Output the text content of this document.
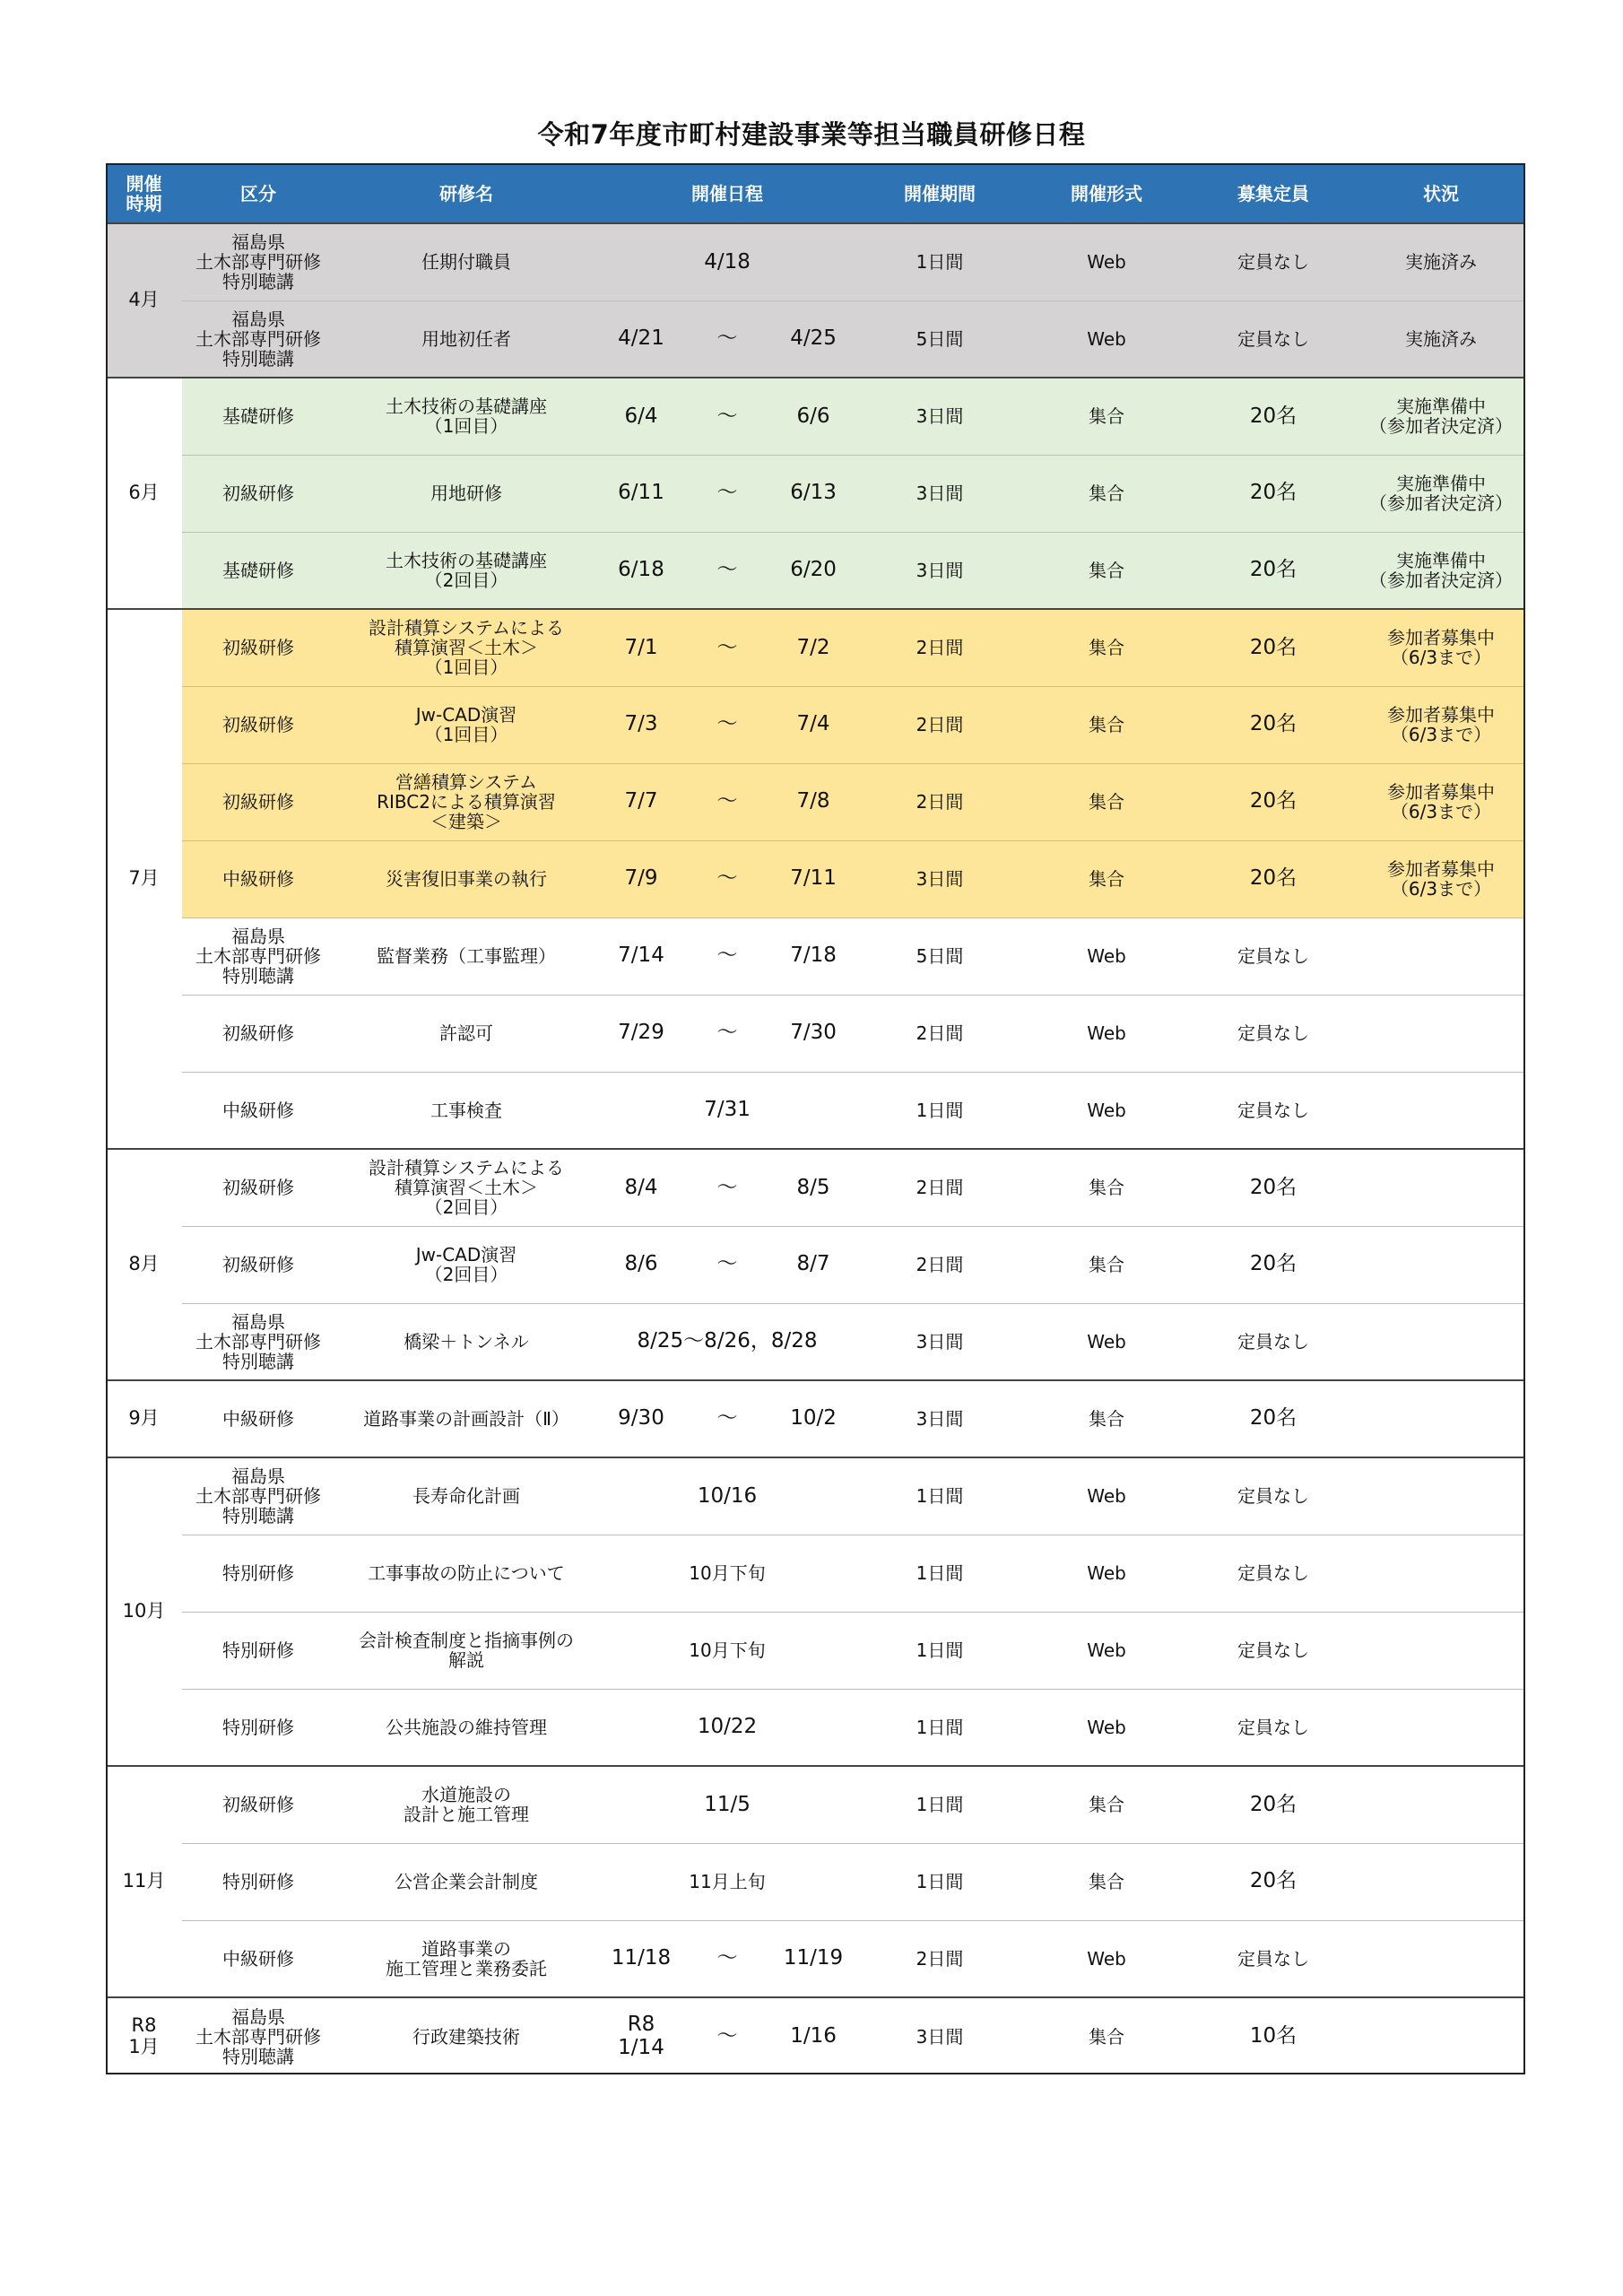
令和7年度市町村建設事業等担当職員研修日程
開催
時期	区分	研修名	開催日程			開催期間	開催形式	募集定員	状況
4月	福島県
土木部専門研修
特別聴講	任期付職員	4/18			1日間	Web	定員なし	実施済み
	福島県
土木部専門研修
特別聴講	用地初任者	4/21	～	4/25	5日間	Web	定員なし	実施済み
6月	基礎研修	土木技術の基礎講座
（1回目）	6/4	～	6/6	3日間	集合	20名	実施準備中
（参加者決定済）
	初級研修	用地研修	6/11	～	6/13	3日間	集合	20名	実施準備中
（参加者決定済）
	基礎研修	土木技術の基礎講座
（2回目）	6/18	～	6/20	3日間	集合	20名	実施準備中
（参加者決定済）
7月	初級研修	設計積算システムによる
積算演習＜土木＞
（1回目）	7/1	～	7/2	2日間	集合	20名	参加者募集中
（6/3まで）
	初級研修	Jw-CAD演習
（1回目）	7/3	～	7/4	2日間	集合	20名	参加者募集中
（6/3まで）
	初級研修	営繕積算システム
RIBC2による積算演習
＜建築＞	7/7	～	7/8	2日間	集合	20名	参加者募集中
（6/3まで）
	中級研修	災害復旧事業の執行	7/9	～	7/11	3日間	集合	20名	参加者募集中
（6/3まで）
	福島県
土木部専門研修
特別聴講	監督業務（工事監理）	7/14	～	7/18	5日間	Web	定員なし	
	初級研修	許認可	7/29	～	7/30	2日間	Web	定員なし	
	中級研修	工事検査	7/31			1日間	Web	定員なし	
8月	初級研修	設計積算システムによる
積算演習＜土木＞
（2回目）	8/4	～	8/5	2日間	集合	20名	
	初級研修	Jw-CAD演習
（2回目）	8/6	～	8/7	2日間	集合	20名	
	福島県
土木部専門研修
特別聴講	橋梁＋トンネル	8/25～8/26，8/28			3日間	Web	定員なし	
9月	中級研修	道路事業の計画設計（Ⅱ）	9/30	～	10/2	3日間	集合	20名	
10月	福島県
土木部専門研修
特別聴講	長寿命化計画	10/16			1日間	Web	定員なし	
	特別研修	工事事故の防止について	10月下旬			1日間	Web	定員なし	
	特別研修	会計検査制度と指摘事例の
解説	10月下旬			1日間	Web	定員なし	
	特別研修	公共施設の維持管理	10/22			1日間	Web	定員なし	
11月	初級研修	水道施設の
設計と施工管理	11/5			1日間	集合	20名	
	特別研修	公営企業会計制度	11月上旬			1日間	集合	20名	
	中級研修	道路事業の
施工管理と業務委託	11/18	～	11/19	2日間	Web	定員なし	
R8
1月	福島県
土木部専門研修
特別聴講	行政建築技術	R8
1/14	～	1/16	3日間	集合	10名	
